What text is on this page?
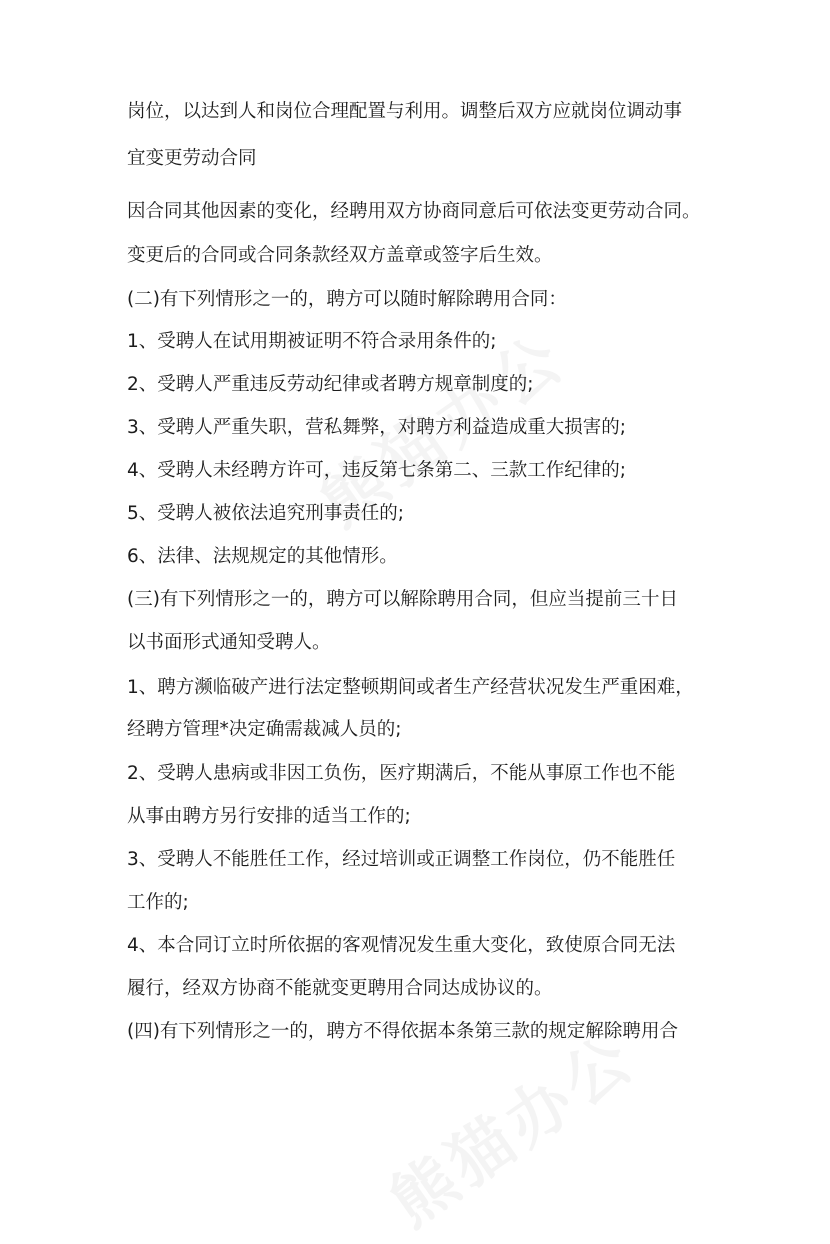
岗位，以达到人和岗位合理配置与利用。调整后双方应就岗位调动事
宜变更劳动合同
因合同其他因素的变化，经聘用双方协商同意后可依法变更劳动合同。
变更后的合同或合同条款经双方盖章或签字后生效。
(二)有下列情形之一的，聘方可以随时解除聘用合同：
1、受聘人在试用期被证明不符合录用条件的;
2、受聘人严重违反劳动纪律或者聘方规章制度的;
3、受聘人严重失职，营私舞弊，对聘方利益造成重大损害的;
4、受聘人未经聘方许可，违反第七条第二、三款工作纪律的;
5、受聘人被依法追究刑事责任的;
6、法律、法规规定的其他情形。
(三)有下列情形之一的，聘方可以解除聘用合同，但应当提前三十日
以书面形式通知受聘人。
1、聘方濒临破产进行法定整顿期间或者生产经营状况发生严重困难，
经聘方管理*决定确需裁减人员的;
2、受聘人患病或非因工负伤，医疗期满后，不能从事原工作也不能
从事由聘方另行安排的适当工作的;
3、受聘人不能胜任工作，经过培训或正调整工作岗位，仍不能胜任
工作的;
4、本合同订立时所依据的客观情况发生重大变化，致使原合同无法
履行，经双方协商不能就变更聘用合同达成协议的。
(四)有下列情形之一的，聘方不得依据本条第三款的规定解除聘用合
